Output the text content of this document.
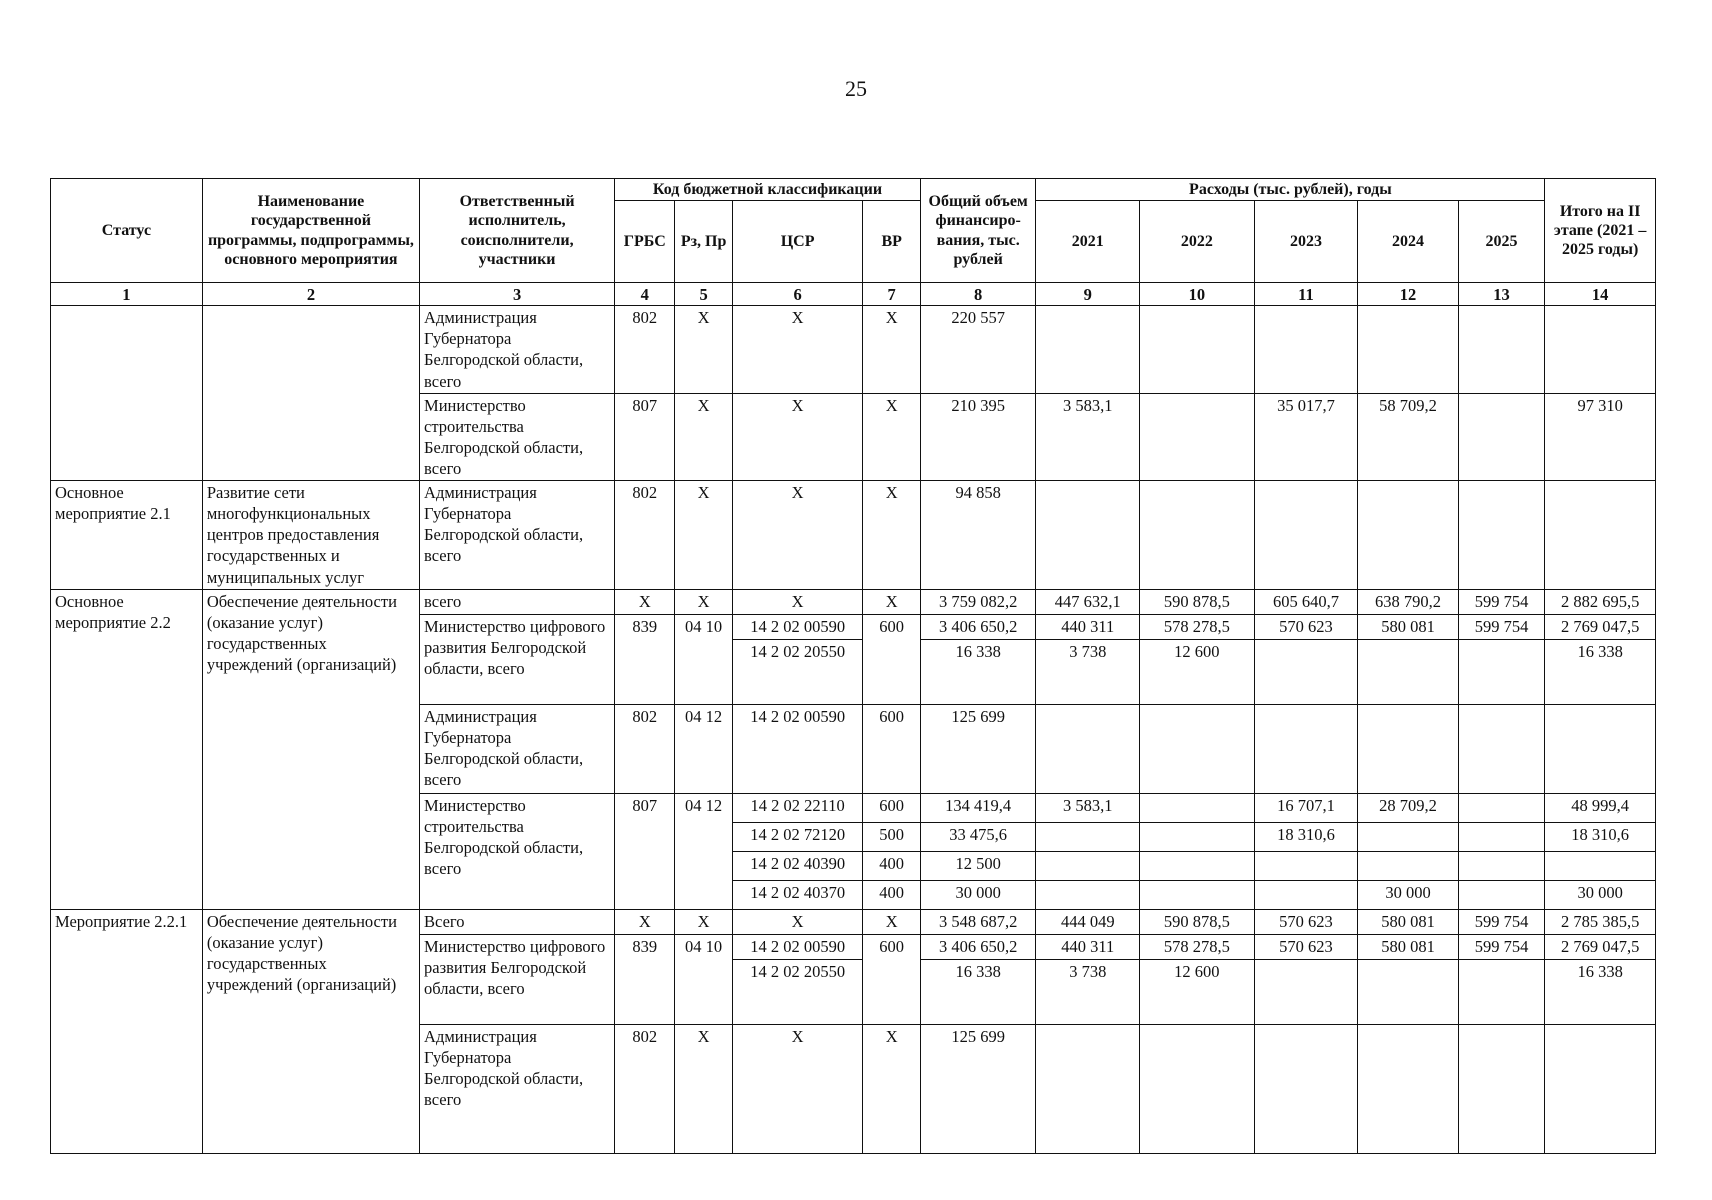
25
Статус	Наименование государственной программы, подпрограммы, основного мероприятия	Ответственный исполнитель, соисполнители, участники	Код бюджетной классификации				Общий объем финансиро-вания, тыс. рублей	Расходы (тыс. рублей), годы					Итого на II этапе (2021 – 2025 годы)
			ГРБС	Рз, Пр	ЦСР	ВР		2021	2022	2023	2024	2025	
1	2	3	4	5	6	7	8	9	10	11	12	13	14
		Администрация Губернатора Белгородской области, всего	802	Х	Х	Х	220 557						
		Министерство строительства Белгородской области, всего	807	Х	Х	Х	210 395	3 583,1		35 017,7	58 709,2		97 310
Основное мероприятие 2.1	Развитие сети многофункциональных центров предоставления государственных и муниципальных услуг	Администрация Губернатора Белгородской области, всего	802	Х	Х	Х	94 858						
Основное мероприятие 2.2	Обеспечение деятельности (оказание услуг) государственных учреждений (организаций)	всего	Х	Х	Х	Х	3 759 082,2	447 632,1	590 878,5	605 640,7	638 790,2	599 754	2 882 695,5
		Министерство цифрового развития Белгородской области, всего	839	04 10	14 2 02 00590	600	3 406 650,2	440 311	578 278,5	570 623	580 081	599 754	2 769 047,5
					14 2 02 20550		16 338	3 738	12 600				16 338
		Администрация Губернатора Белгородской области, всего	802	04 12	14 2 02 00590	600	125 699						
		Министерство строительства Белгородской области, всего	807	04 12	14 2 02 22110	600	134 419,4	3 583,1		16 707,1	28 709,2		48 999,4
					14 2 02 72120	500	33 475,6			18 310,6			18 310,6
					14 2 02 40390	400	12 500						
					14 2 02 40370	400	30 000				30 000		30 000
Мероприятие 2.2.1	Обеспечение деятельности (оказание услуг) государственных учреждений (организаций)	Всего	Х	Х	Х	Х	3 548 687,2	444 049	590 878,5	570 623	580 081	599 754	2 785 385,5
		Министерство цифрового развития Белгородской области, всего	839	04 10	14 2 02 00590	600	3 406 650,2	440 311	578 278,5	570 623	580 081	599 754	2 769 047,5
					14 2 02 20550		16 338	3 738	12 600				16 338
		Администрация Губернатора Белгородской области, всего	802	Х	Х	Х	125 699						
